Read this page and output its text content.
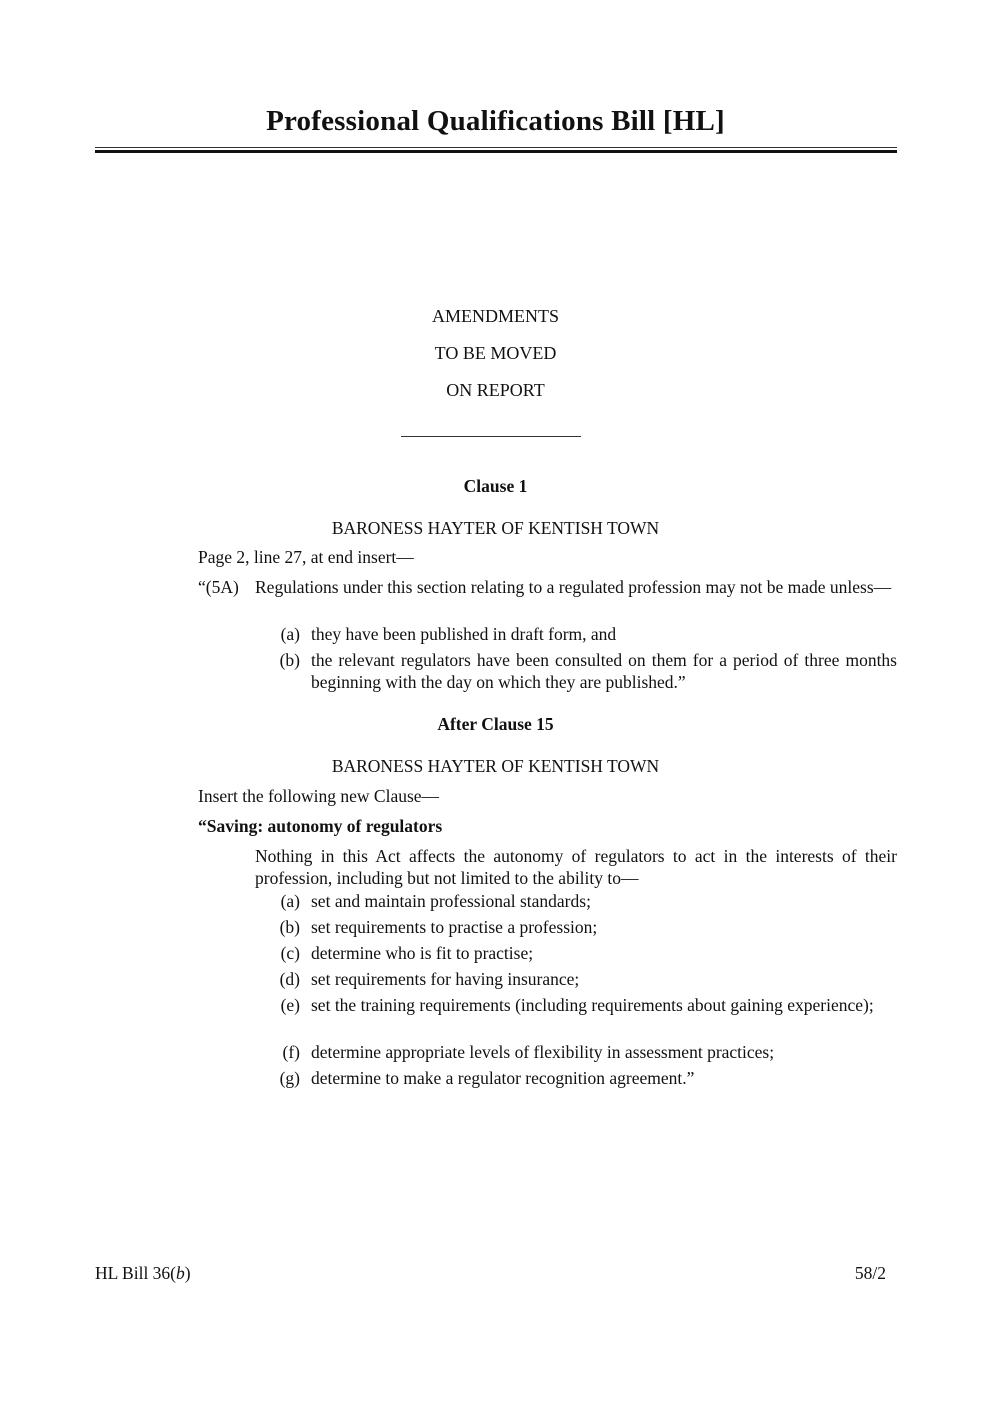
Professional Qualifications Bill [HL]
AMENDMENTS
TO BE MOVED
ON REPORT
Clause 1
BARONESS HAYTER OF KENTISH TOWN
Page 2, line 27, at end insert—
“(5A) Regulations under this section relating to a regulated profession may not be made unless—
(a) they have been published in draft form, and
(b) the relevant regulators have been consulted on them for a period of three months beginning with the day on which they are published.”
After Clause 15
BARONESS HAYTER OF KENTISH TOWN
Insert the following new Clause—
“Saving: autonomy of regulators
Nothing in this Act affects the autonomy of regulators to act in the interests of their profession, including but not limited to the ability to—
(a) set and maintain professional standards;
(b) set requirements to practise a profession;
(c) determine who is fit to practise;
(d) set requirements for having insurance;
(e) set the training requirements (including requirements about gaining experience);
(f) determine appropriate levels of flexibility in assessment practices;
(g) determine to make a regulator recognition agreement.”
HL Bill 36(b)	58/2
